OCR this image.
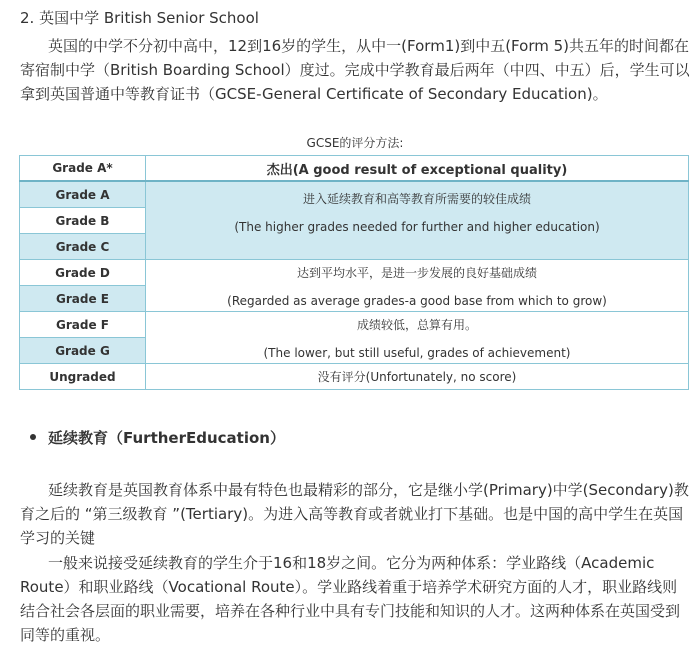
2. 英国中学 British Senior School

英国的中学不分初中高中，12到16岁的学生，从中一(Form1)到中五(Form 5)共五年的时间都在寄宿制中学（British Boarding School）度过。完成中学教育最后两年（中四、中五）后，学生可以拿到英国普通中等教育证书（GCSE-General Certificate of Secondary Education)。

GCSE的评分方法:
Grade A*	杰出(A good result of exceptional quality)
Grade A	进入延续教育和高等教育所需要的较佳成绩
(The higher grades needed for further and higher education)

Grade B	
Grade C	
Grade D	达到平均水平，是进一步发展的良好基础成绩
(Regarded as average grades-a good base from which to grow)

Grade E	
Grade F	成绩较低，总算有用。
(The lower, but still useful, grades of achievement)

Grade G	
Ungraded	没有评分(Unfortunately, no score)
延续教育（FurtherEducation）

延续教育是英国教育体系中最有特色也最精彩的部分，它是继小学(Primary)中学(Secondary)教育之后的 “第三级教育 ”(Tertiary)。为进入高等教育或者就业打下基础。也是中国的高中学生在英国学习的关键

一般来说接受延续教育的学生介于16和18岁之间。它分为两种体系：学业路线（Academic Route）和职业路线（Vocational Route）。学业路线着重于培养学术研究方面的人才，职业路线则结合社会各层面的职业需要，培养在各种行业中具有专门技能和知识的人才。这两种体系在英国受到同等的重视。
